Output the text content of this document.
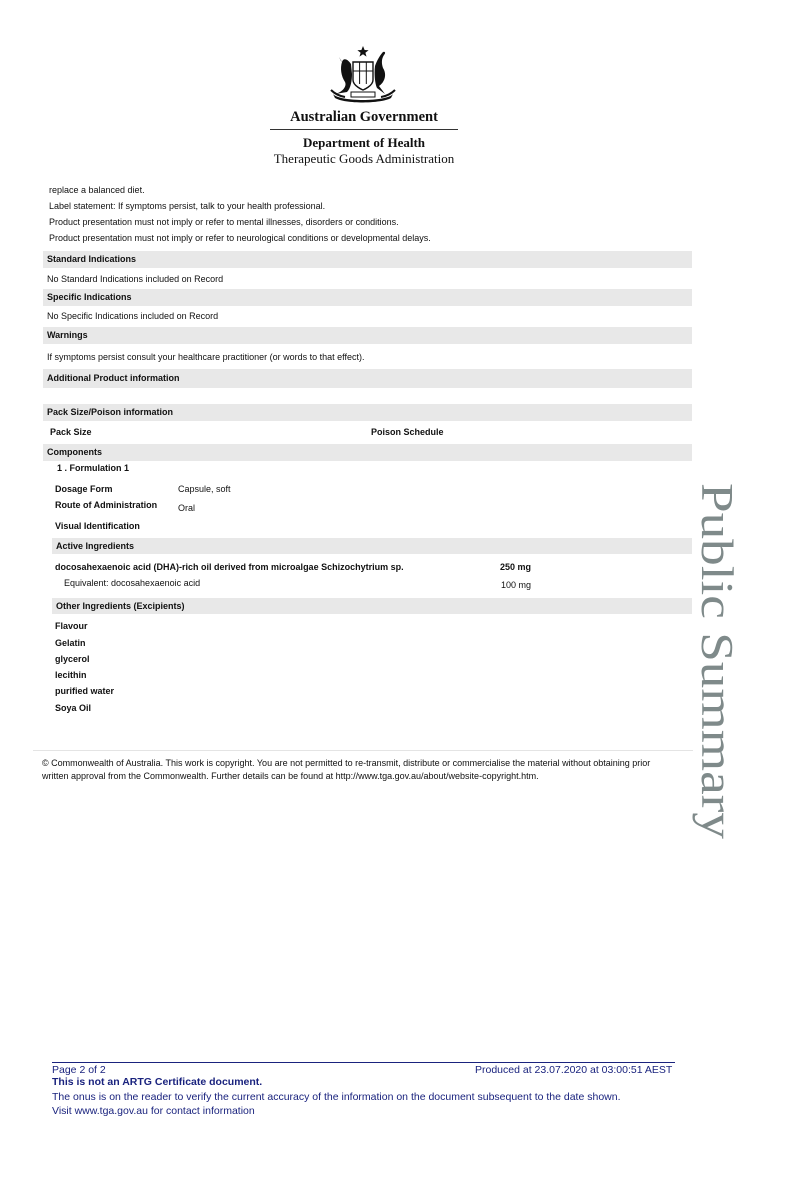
Australian Government
Department of Health
Therapeutic Goods Administration
replace a balanced diet.
Label statement: If symptoms persist, talk to your health professional.
Product presentation must not imply or refer to mental illnesses, disorders or conditions.
Product presentation must not imply or refer to neurological conditions or developmental delays.
Standard Indications
No Standard Indications included on Record
Specific Indications
No Specific Indications included on Record
Warnings
If symptoms persist consult your healthcare practitioner (or words to that effect).
Additional Product information
Pack Size/Poison information
Pack Size	Poison Schedule
Components
1 . Formulation 1
Dosage Form	Capsule, soft
Route of Administration Oral
Visual Identification
Active Ingredients
docosahexaenoic acid (DHA)-rich oil derived from microalgae Schizochytrium sp.	250 mg
Equivalent: docosahexaenoic acid	100 mg
Other Ingredients (Excipients)
Flavour
Gelatin
glycerol
lecithin
purified water
Soya Oil
© Commonwealth of Australia. This work is copyright. You are not permitted to re-transmit, distribute or commercialise the material without obtaining prior
written approval from the Commonwealth. Further details can be found at http://www.tga.gov.au/about/website-copyright.htm.	Public Summary
Page 2 of 2	Produced at 23.07.2020 at 03:00:51 AEST
This is not an ARTG Certificate document.
The onus is on the reader to verify the current accuracy of the information on the document subsequent to the date shown.
Visit www.tga.gov.au for contact information
